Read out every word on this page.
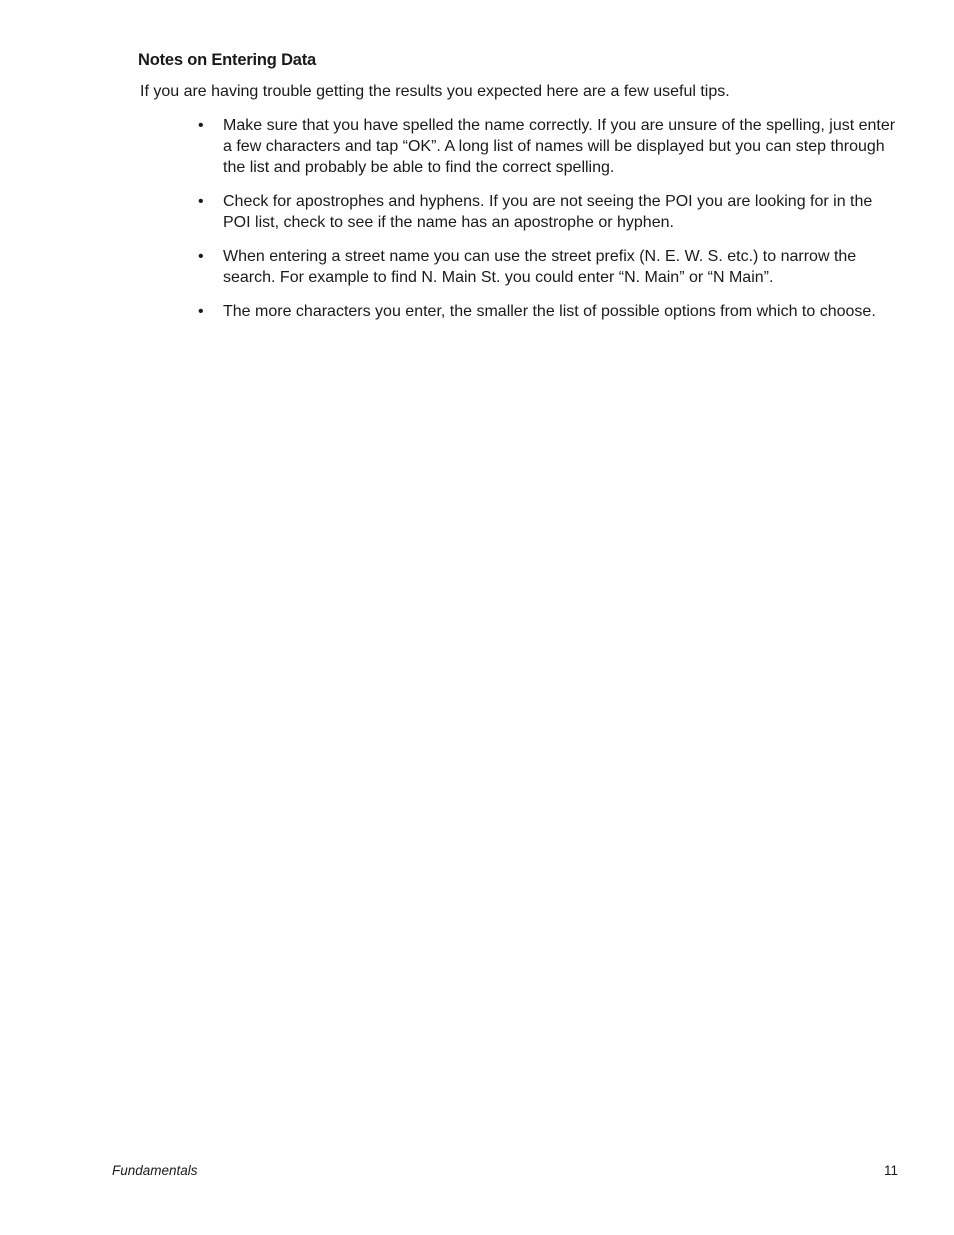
Notes on Entering Data

If you are having trouble getting the results you expected here are a few useful tips.

• Make sure that you have spelled the name correctly. If you are unsure of the spelling, just enter a few characters and tap “OK”. A long list of names will be displayed but you can step through the list and probably be able to find the correct spelling.
• Check for apostrophes and hyphens. If you are not seeing the POI you are looking for in the POI list, check to see if the name has an apostrophe or hyphen.
• When entering a street name you can use the street prefix (N. E. W. S. etc.) to narrow the search. For example to find N. Main St. you could enter “N. Main” or “N Main”.
• The more characters you enter, the smaller the list of possible options from which to choose.
Fundamentals	11
